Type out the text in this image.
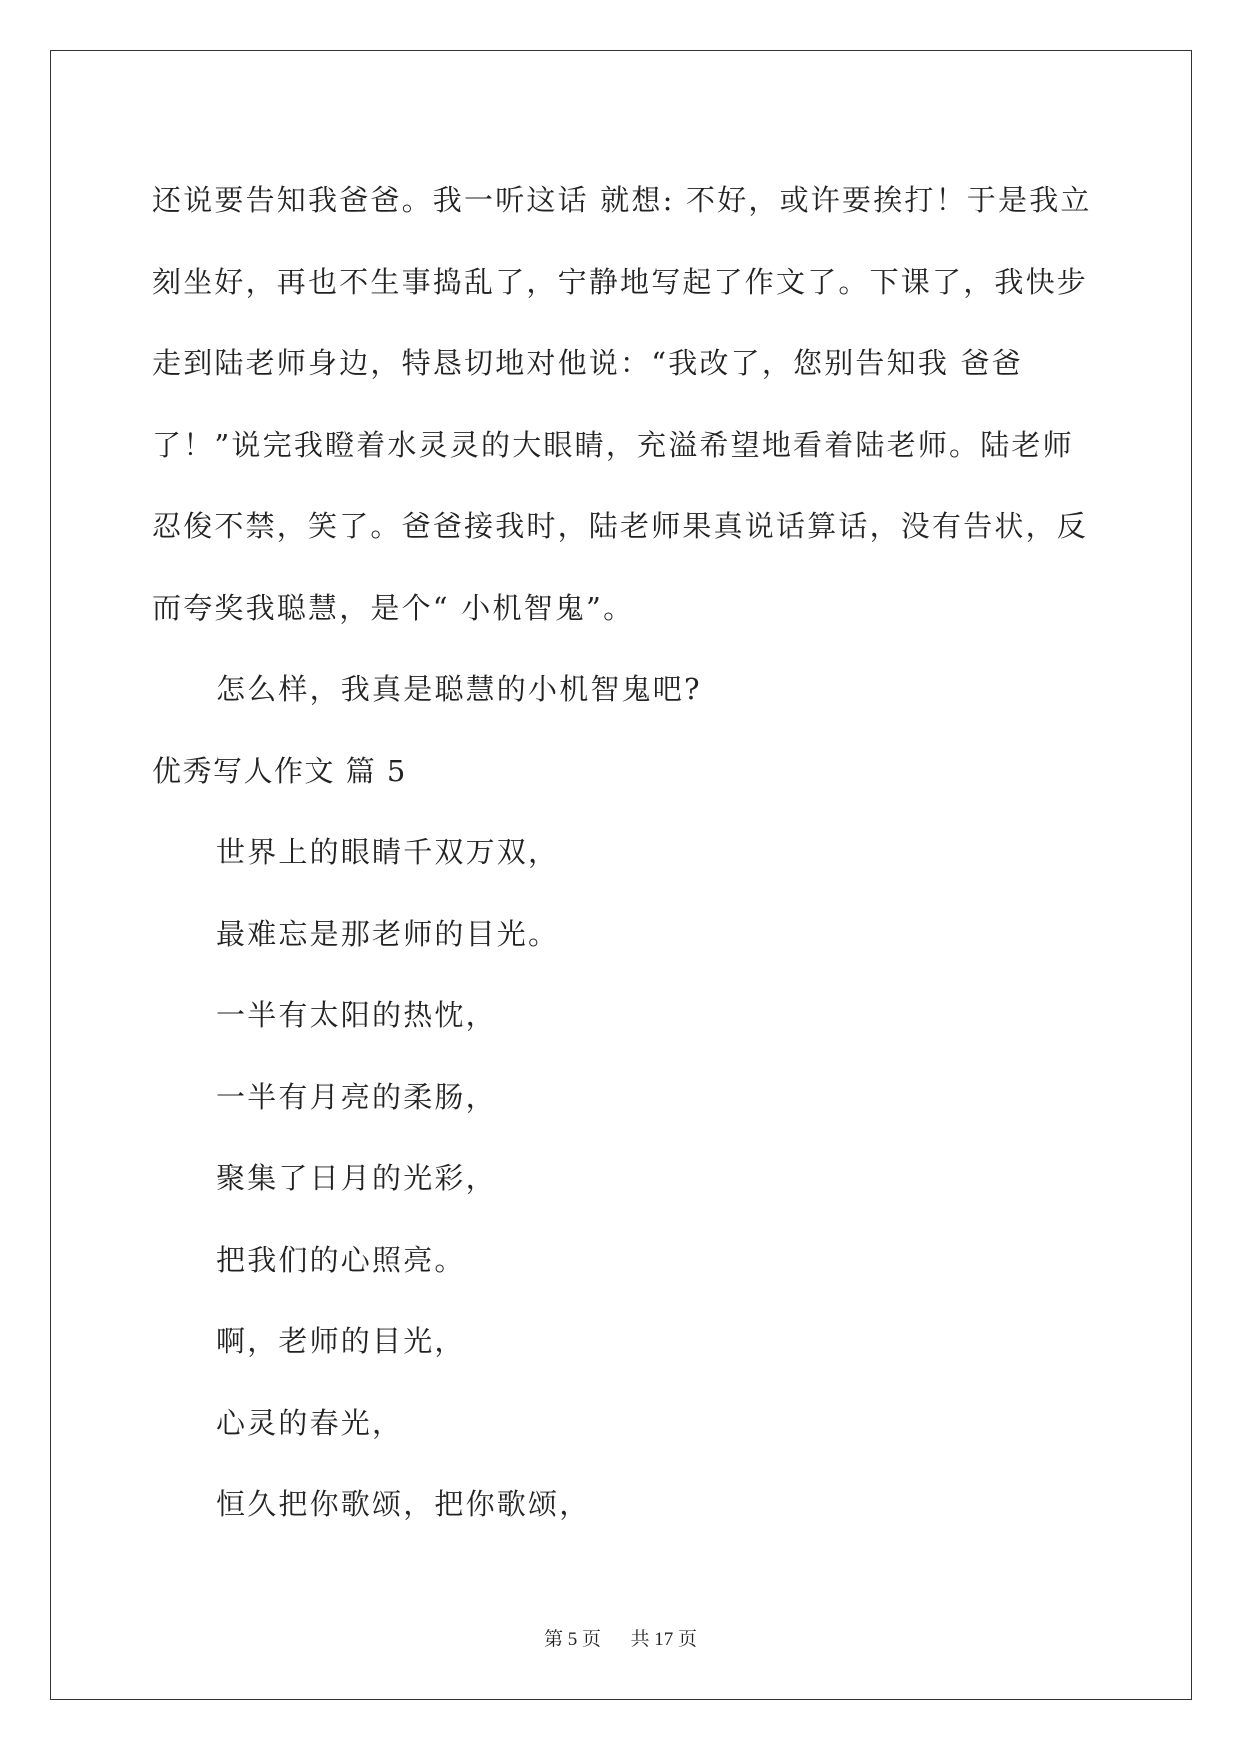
还说要告知我爸爸。我一听这话 就想: 不好，或许要挨打！于是我立
刻坐好，再也不生事捣乱了，宁静地写起了作文了。下课了，我快步
走到陆老师身边，特恳切地对他说：“我改了，您别告知我 爸爸
了！”说完我瞪着水灵灵的大眼睛，充溢希望地看着陆老师。陆老师
忍俊不禁，笑了。爸爸接我时，陆老师果真说话算话，没有告状，反
而夸奖我聪慧，是个“ 小机智鬼”。
怎么样，我真是聪慧的小机智鬼吧?
优秀写人作文 篇 5
世界上的眼睛千双万双，
最难忘是那老师的目光。
一半有太阳的热忱，
一半有月亮的柔肠，
聚集了日月的光彩，
把我们的心照亮。
啊，老师的目光，
心灵的春光，
恒久把你歌颂，把你歌颂，
第 5 页 共 17 页
